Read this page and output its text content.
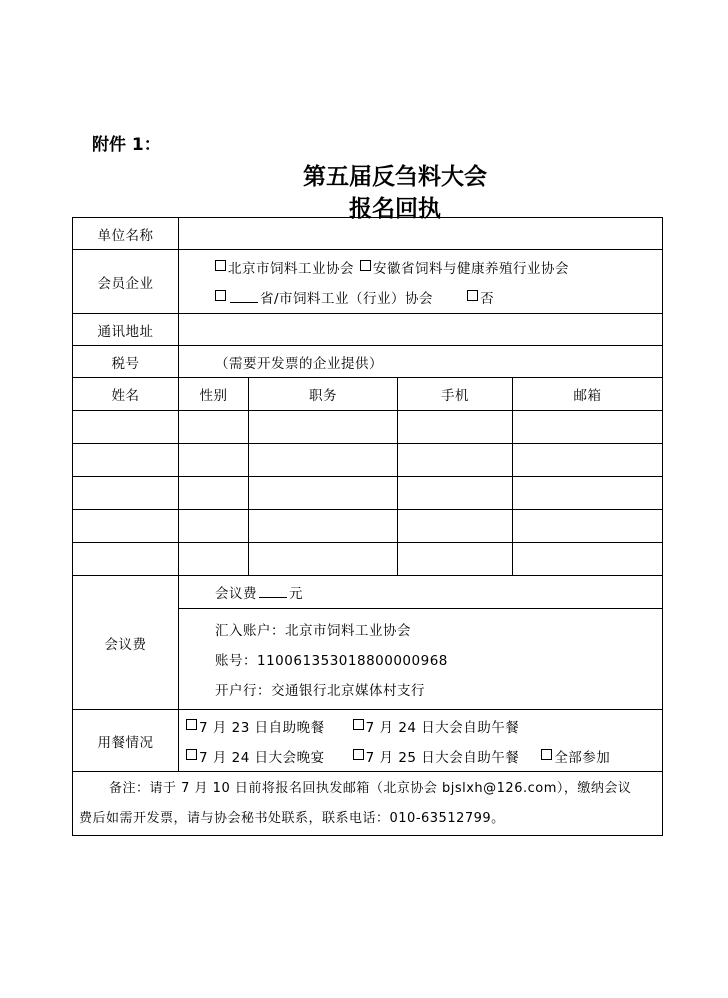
附件 1：
第五届反刍料大会
报名回执
单位名称				
会员企业	北京市饲料工业协会 安徽省饲料与健康养殖行业协会
省/市饲料工业（行业）协会 否			

通讯地址				
税号	（需要开发票的企业提供）			
姓名	性别	职务	手机	邮箱

会议费	会议费 元			

汇入账户：北京市饲料工业协会
账号：110061353018800000968
开户行：交通银行北京媒体村支行			

用餐情况	7 月 23 日自助晚餐 7 月 24 日大会自助午餐
7 月 24 日大会晚宴 7 月 25 日大会自助午餐 全部参加			

备注：请于 7 月 10 日前将报名回执发邮箱（北京协会 bjslxh@126.com），缴纳会议
费后如需开发票，请与协会秘书处联系，联系电话：010-63512799。				
